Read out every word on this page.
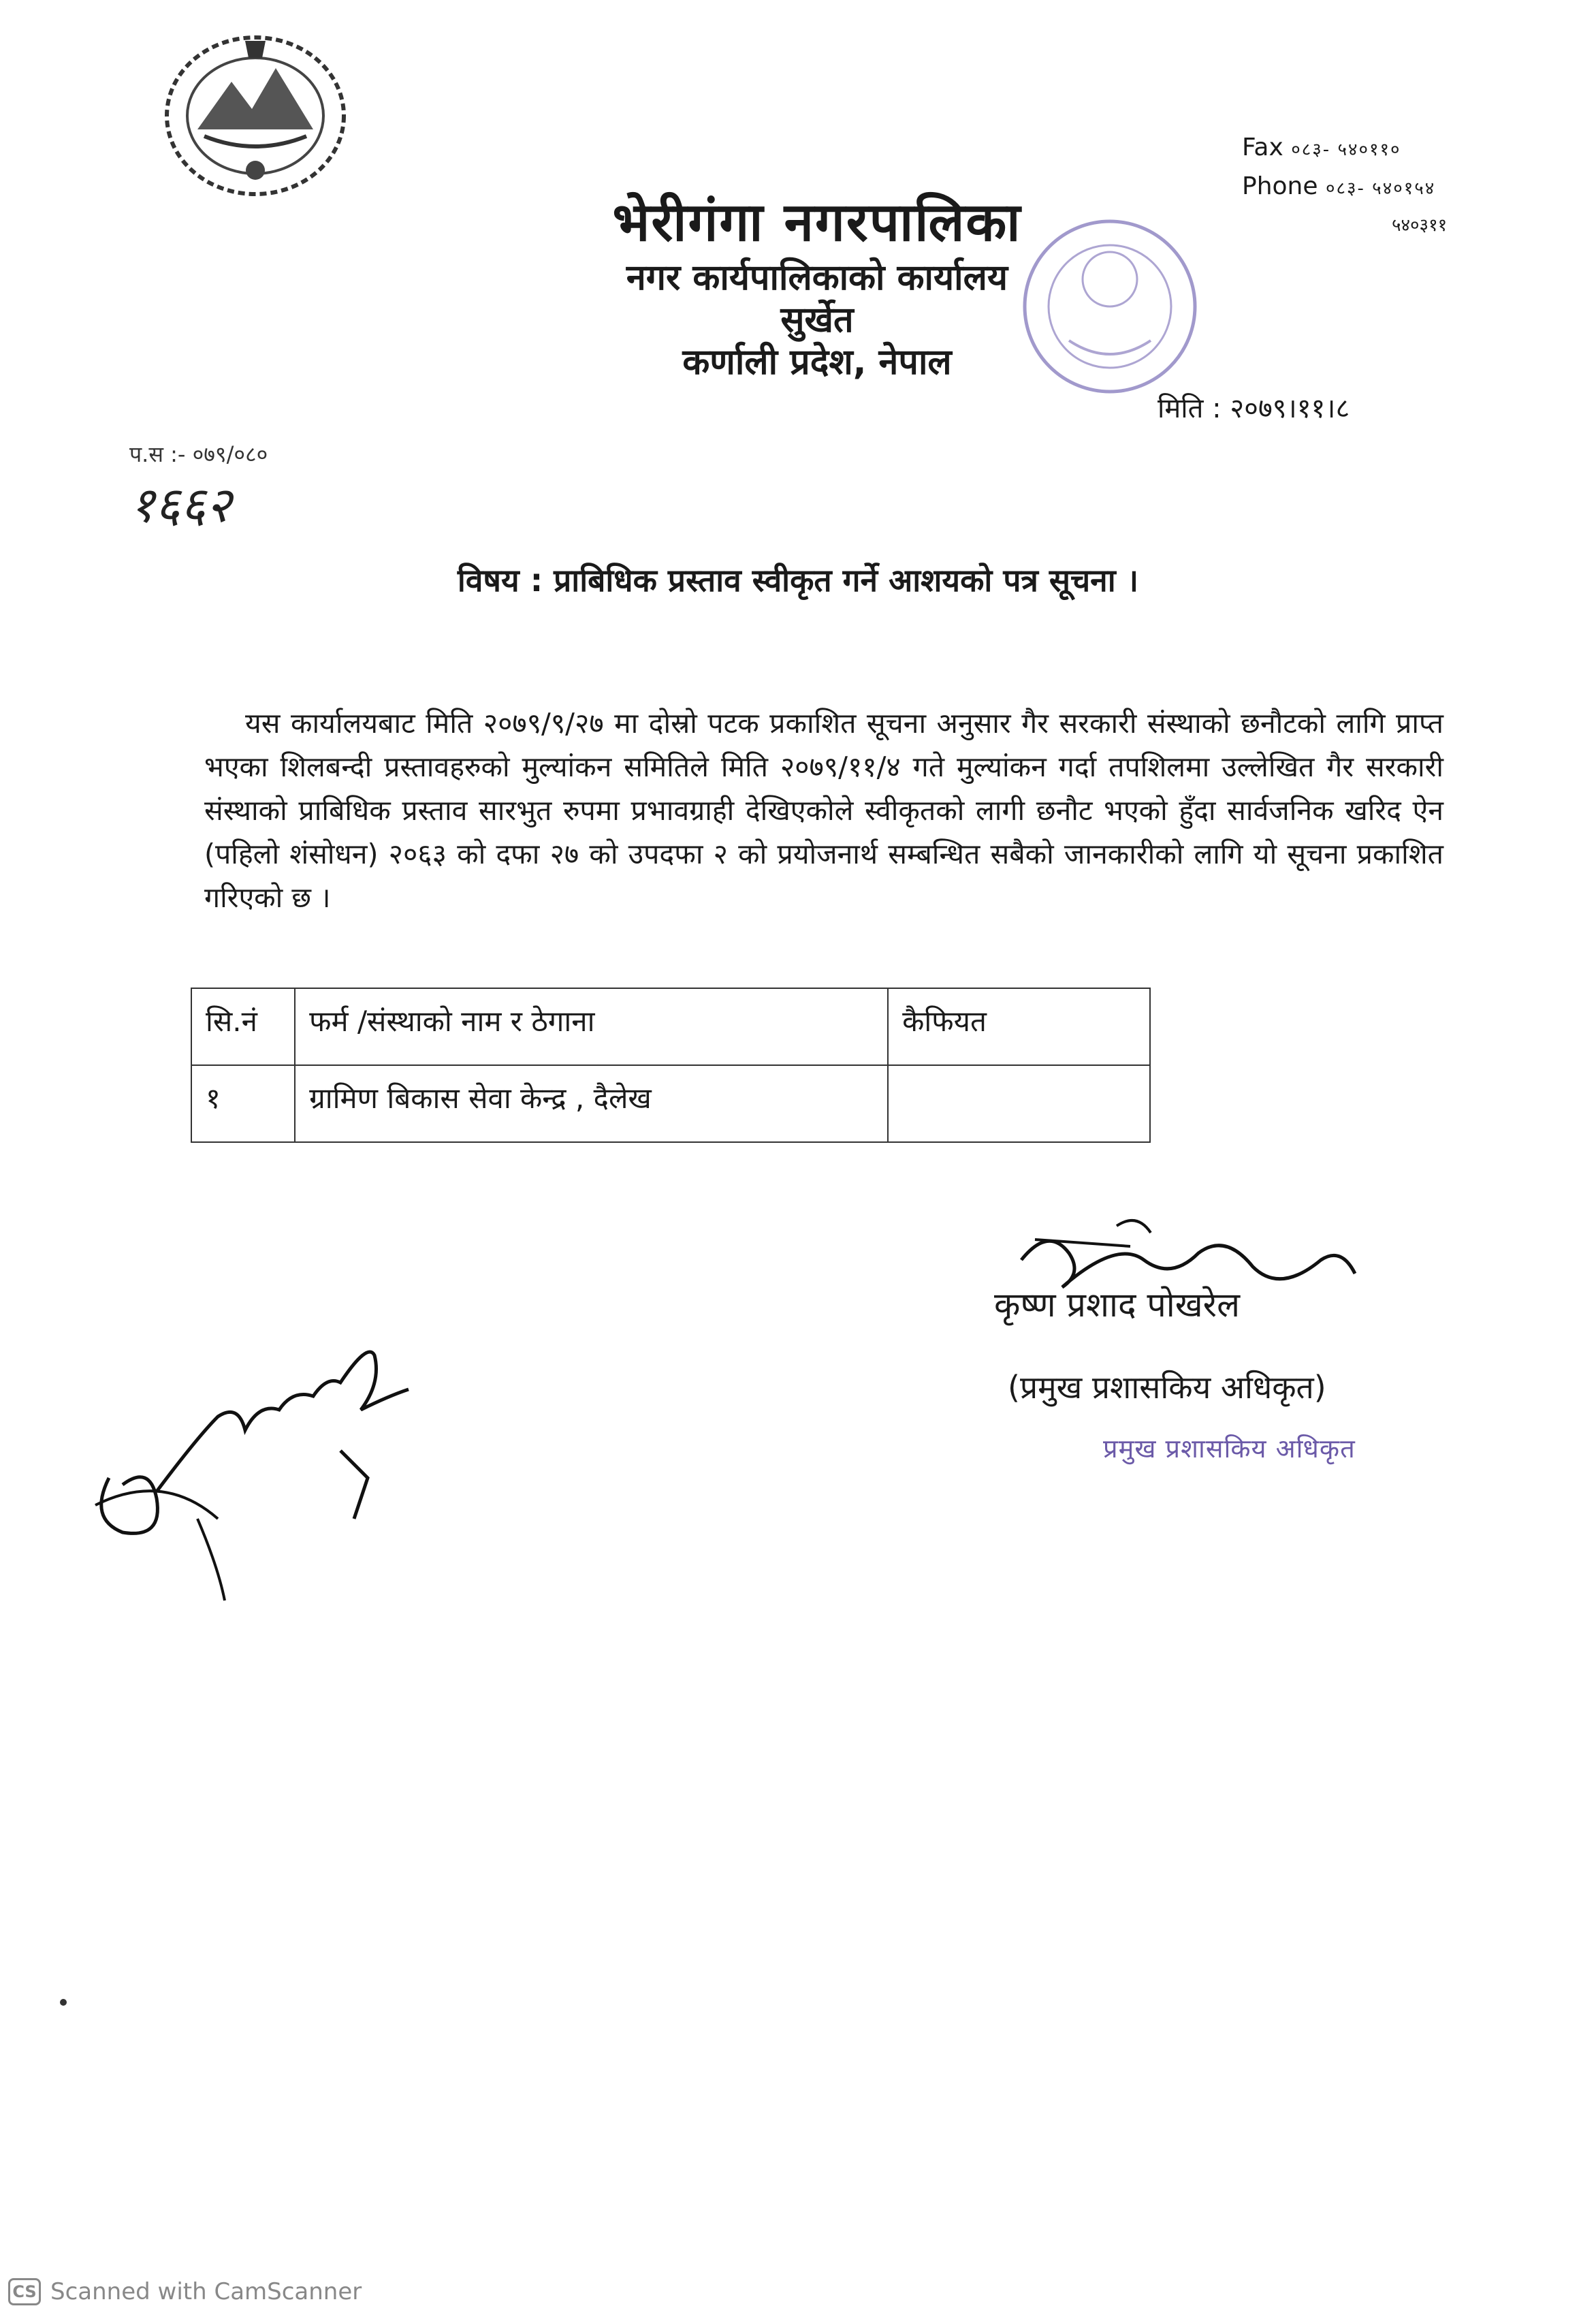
भेरीगंगा नगरपालिका
नगर कार्यपालिकाको कार्यालय
सुर्खेत
कर्णाली प्रदेश, नेपाल
Fax ०८३- ५४०११०
Phone ०८३- ५४०१५४
५४०३११
मिति : २०७९।११।८
प.स :- ०७९/०८०
१६६२
विषय : प्राबिधिक प्रस्ताव स्वीकृत गर्ने आशयको पत्र सूचना ।
यस कार्यालयबाट मिति २०७९/९/२७ मा दोस्रो पटक प्रकाशित सूचना अनुसार गैर सरकारी संस्थाको छनौटको लागि प्राप्त भएका शिलबन्दी प्रस्तावहरुको मुल्यांकन समितिले मिति २०७९/११/४ गते मुल्यांकन गर्दा तपशिलमा उल्लेखित गैर सरकारी संस्थाको प्राबिधिक प्रस्ताव सारभुत रुपमा प्रभावग्राही देखिएकोले स्वीकृतको लागी छनौट भएको हुँदा सार्वजनिक खरिद ऐन (पहिलो शंसोधन) २०६३ को दफा २७ को उपदफा २ को प्रयोजनार्थ सम्बन्धित सबैको जानकारीको लागि यो सूचना प्रकाशित गरिएको छ ।
सि.नं	फर्म /संस्थाको नाम र ठेगाना	कैफियत
१	ग्रामिण बिकास सेवा केन्द्र , दैलेख	
कृष्ण प्रशाद पोखरेल
(प्रमुख प्रशासकिय अधिकृत)
प्रमुख प्रशासकिय अधिकृत
CS Scanned with CamScanner
